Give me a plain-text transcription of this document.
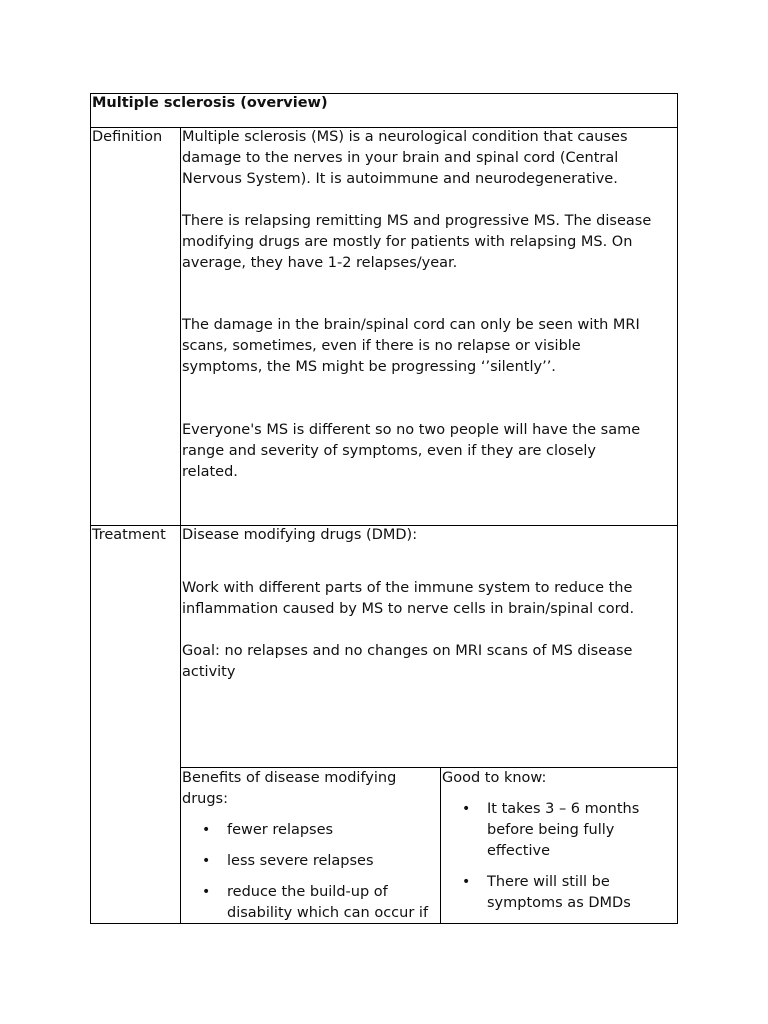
Multiple sclerosis (overview)
Definition Multiple sclerosis (MS) is a neurological condition that causes
damage to the nerves in your brain and spinal cord (Central
Nervous System). It is autoimmune and neurodegenerative.
There is relapsing remitting MS and progressive MS. The disease
modifying drugs are mostly for patients with relapsing MS. On
average, they have 1-2 relapses/year.
The damage in the brain/spinal cord can only be seen with MRI
scans, sometimes, even if there is no relapse or visible
symptoms, the MS might be progressing ‘’silently’’.
Everyone's MS is different so no two people will have the same
range and severity of symptoms, even if they are closely
related.
Treatment Disease modifying drugs (DMD):
Work with different parts of the immune system to reduce the
inflammation caused by MS to nerve cells in brain/spinal cord.
Goal: no relapses and no changes on MRI scans of MS disease
activity
Benefits of disease modifying
drugs:
• fewer relapses
• less severe relapses
• reduce the build-up of
disability which can occur if
Good to know:
• It takes 3 – 6 months
before being fully
effective
• There will still be
symptoms as DMDs
